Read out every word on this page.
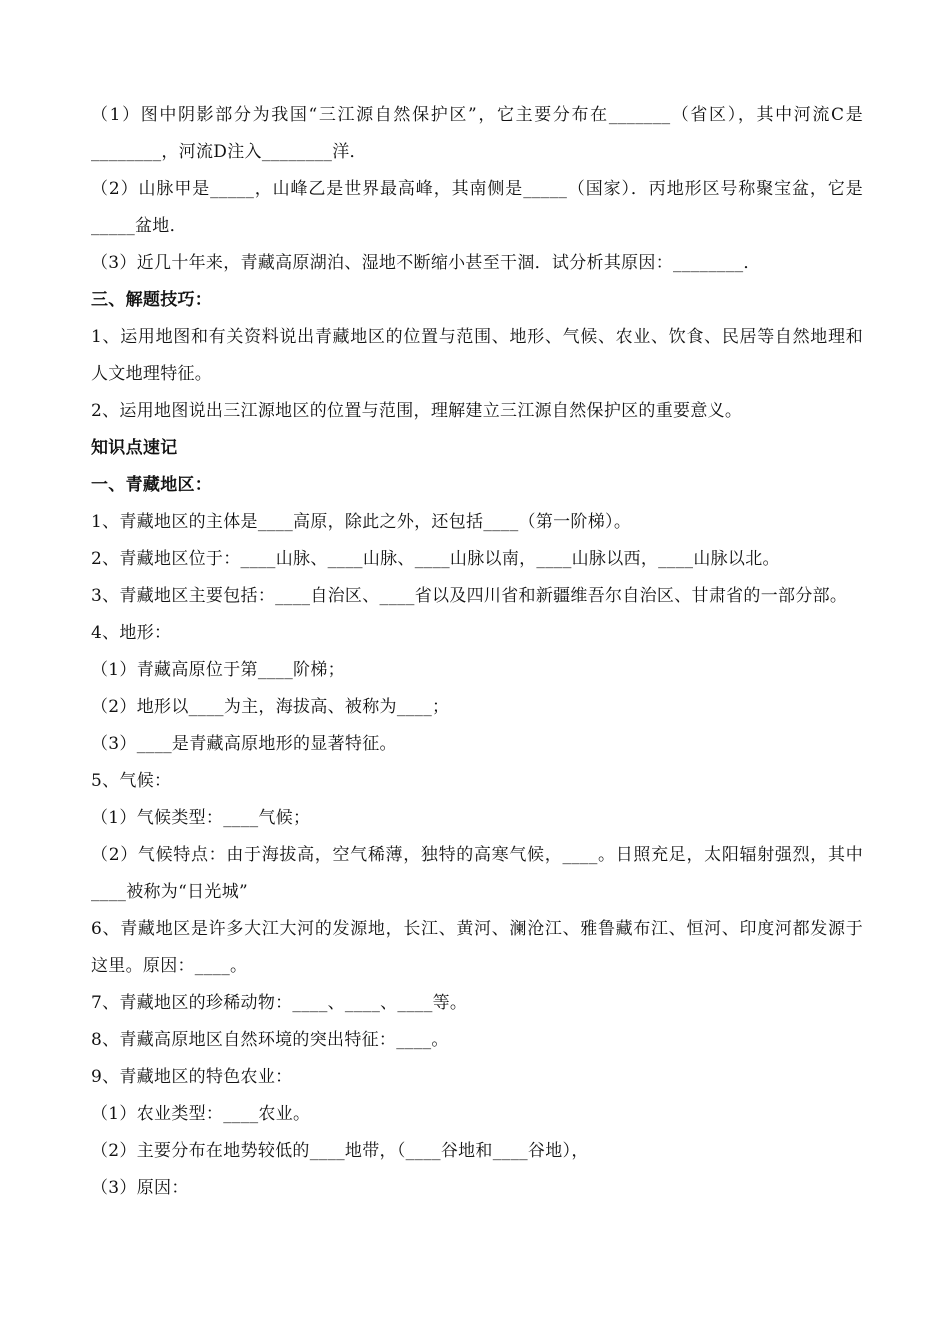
（1）图中阴影部分为我国“三江源自然保护区”，它主要分布在_______（省区），其中河流C是________，河流D注入________洋．
（2）山脉甲是_____，山峰乙是世界最高峰，其南侧是_____（国家）．丙地形区号称聚宝盆，它是_____盆地．
（3）近几十年来，青藏高原湖泊、湿地不断缩小甚至干涸．试分析其原因：________．
三、解题技巧：
1、运用地图和有关资料说出青藏地区的位置与范围、地形、气候、农业、饮食、民居等自然地理和人文地理特征。
2、运用地图说出三江源地区的位置与范围，理解建立三江源自然保护区的重要意义。
知识点速记
一、青藏地区：
1、青藏地区的主体是____高原，除此之外，还包括____（第一阶梯）。
2、青藏地区位于：____山脉、____山脉、____山脉以南，____山脉以西，____山脉以北。
3、青藏地区主要包括：____自治区、____省以及四川省和新疆维吾尔自治区、甘肃省的一部分部。
4、地形：
（1）青藏高原位于第____阶梯；
（2）地形以____为主，海拔高、被称为____；
（3）____是青藏高原地形的显著特征。
5、气候：
（1）气候类型：____气候；
（2）气候特点：由于海拔高，空气稀薄，独特的高寒气候，____。日照充足，太阳辐射强烈，其中____被称为“日光城”
6、青藏地区是许多大江大河的发源地，长江、黄河、澜沧江、雅鲁藏布江、恒河、印度河都发源于这里。原因：____。
7、青藏地区的珍稀动物：____、____、____等。
8、青藏高原地区自然环境的突出特征：____。
9、青藏地区的特色农业：
（1）农业类型：____农业。
（2）主要分布在地势较低的____地带，（____谷地和____谷地），
（3）原因：
